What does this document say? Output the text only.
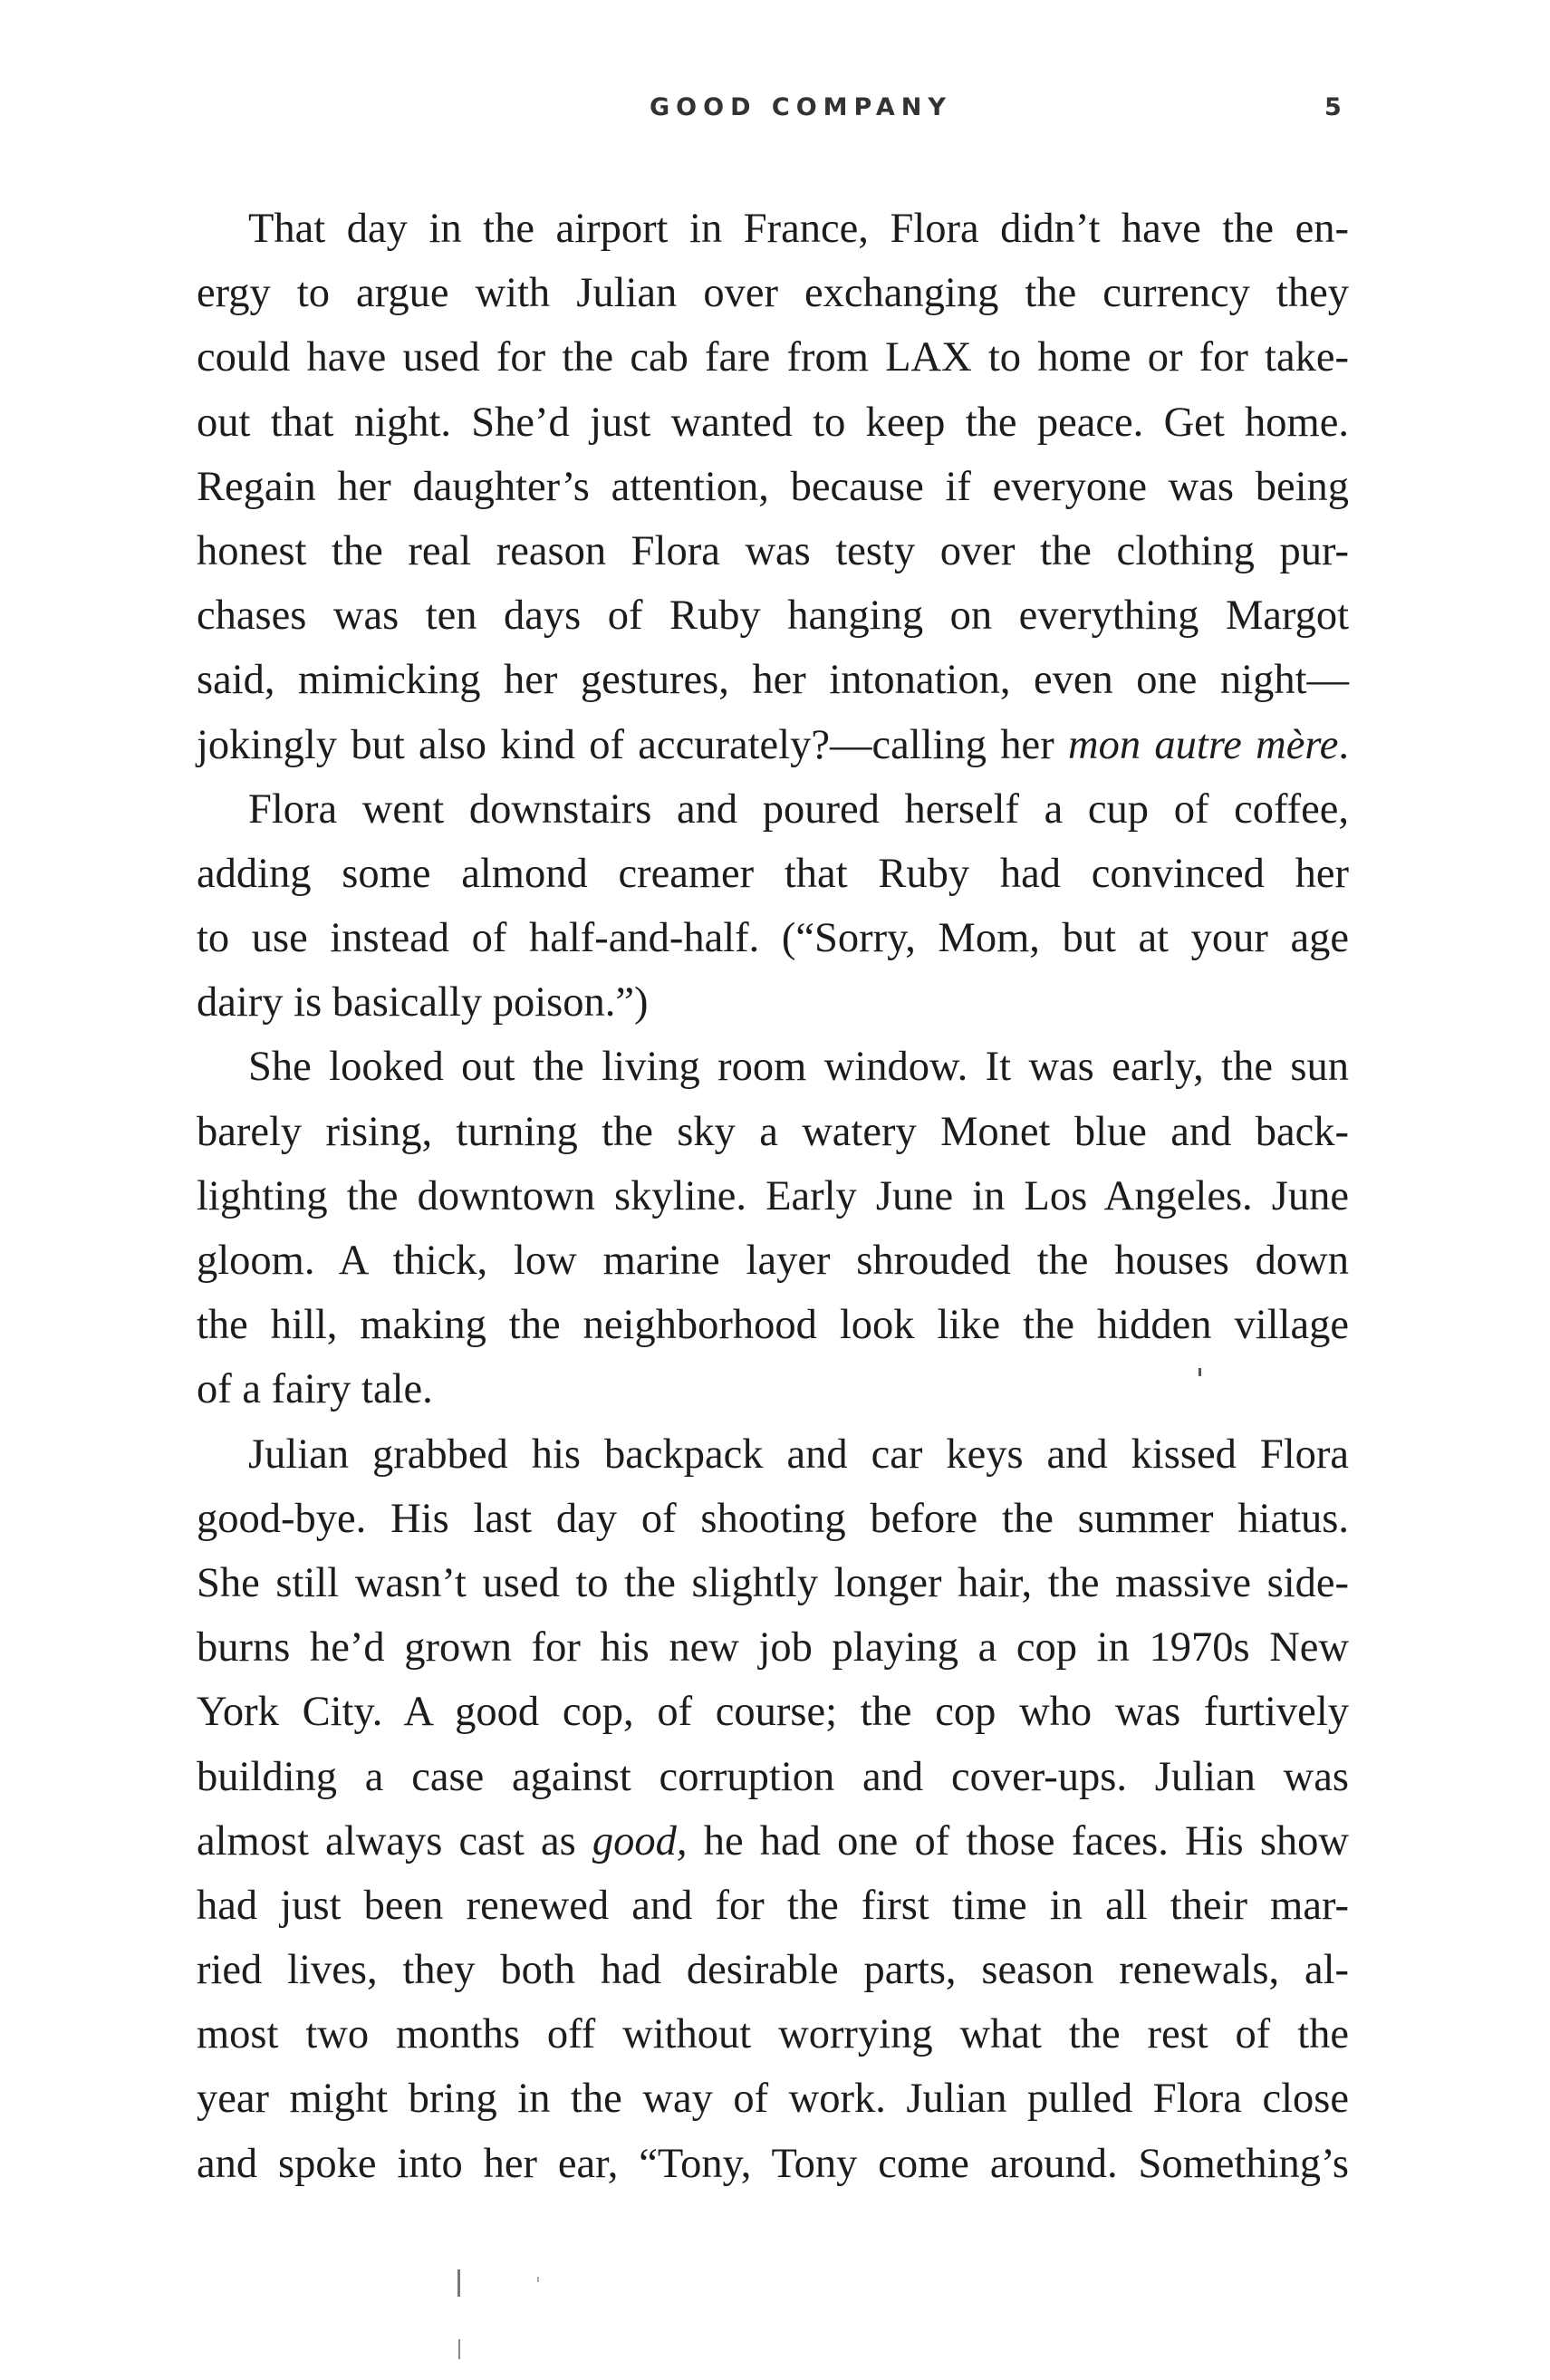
GOOD COMPANY	5
That day in the airport in France, Flora didn’t have the en-
ergy to argue with Julian over exchanging the currency they
could have used for the cab fare from LAX to home or for take-
out that night. She’d just wanted to keep the peace. Get home.
Regain her daughter’s attention, because if everyone was being
honest the real reason Flora was testy over the clothing pur-
chases was ten days of Ruby hanging on everything Margot
said, mimicking her gestures, her intonation, even one night—
jokingly but also kind of accurately?—calling her mon autre mère.
Flora went downstairs and poured herself a cup of coffee,
adding some almond creamer that Ruby had convinced her
to use instead of half-and-half. (“Sorry, Mom, but at your age
dairy is basically poison.”)
She looked out the living room window. It was early, the sun
barely rising, turning the sky a watery Monet blue and back-
lighting the downtown skyline. Early June in Los Angeles. June
gloom. A thick, low marine layer shrouded the houses down
the hill, making the neighborhood look like the hidden village
of a fairy tale.
Julian grabbed his backpack and car keys and kissed Flora
good-bye. His last day of shooting before the summer hiatus.
She still wasn’t used to the slightly longer hair, the massive side-
burns he’d grown for his new job playing a cop in 1970s New
York City. A good cop, of course; the cop who was furtively
building a case against corruption and cover-ups. Julian was
almost always cast as good, he had one of those faces. His show
had just been renewed and for the first time in all their mar-
ried lives, they both had desirable parts, season renewals, al-
most two months off without worrying what the rest of the
year might bring in the way of work. Julian pulled Flora close
and spoke into her ear, “Tony, Tony come around. Something’s
